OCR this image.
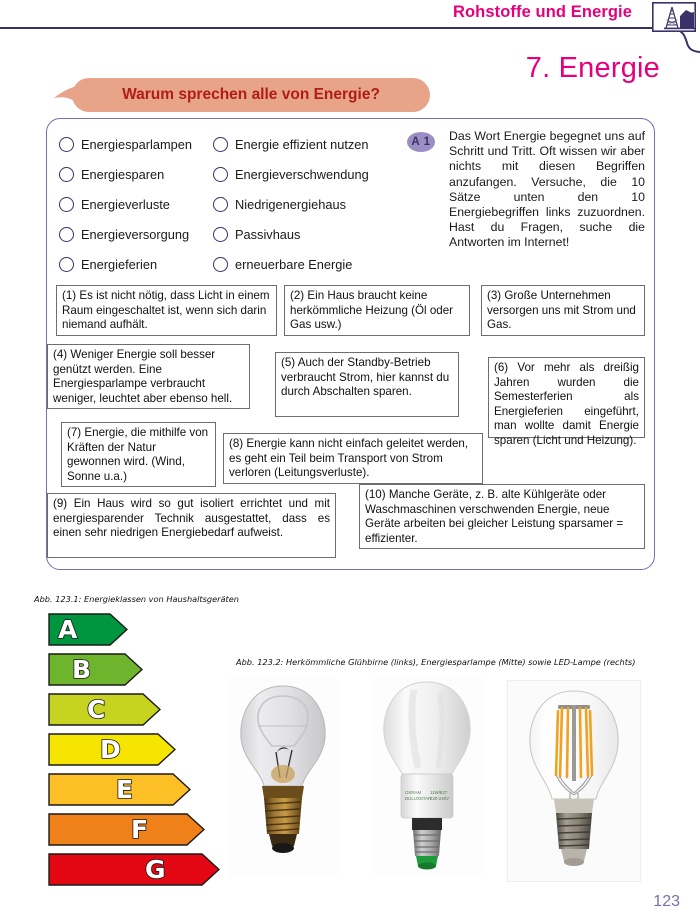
Rohstoffe und Energie
7. Energie
Warum sprechen alle von Energie?
Energiesparlampen	Energie effizient nutzen
Energiesparen	Energieverschwendung
Energieverluste	Niedrigenergiehaus
Energieversorgung	Passivhaus
Energieferien	erneuerbare Energie
A 1	Das Wort Energie begegnet uns auf Schritt und Tritt. Oft wissen wir aber nichts mit diesen Begriffen anzufangen. Versuche, die 10 Sätze unten den 10 Energiebegriffen links zuzuordnen. Hast du Fragen, suche die Antworten im Internet!
(1) Es ist nicht nötig, dass Licht in einem Raum eingeschaltet ist, wenn sich darin niemand aufhält.
(2) Ein Haus braucht keine herkömmliche Heizung (Öl oder Gas usw.)
(3) Große Unternehmen versorgen uns mit Strom und Gas.
(4) Weniger Energie soll besser genützt werden. Eine Energiesparlampe verbraucht weniger, leuchtet aber ebenso hell.
(5) Auch der Standby-Betrieb verbraucht Strom, hier kannst du durch Abschalten sparen.
(6) Vor mehr als dreißig Jahren wurden die Semesterferien als Energieferien eingeführt, man wollte damit Energie sparen (Licht und Heizung).
(7) Energie, die mithilfe von Kräften der Natur gewonnen wird. (Wind, Sonne u.a.)
(8) Energie kann nicht einfach geleitet werden, es geht ein Teil beim Transport von Strom verloren (Leitungsverluste).
(9) Ein Haus wird so gut isoliert errichtet und mit energiesparender Technik ausgestattet, dass es einen sehr niedrigen Energiebedarf aufweist.
(10) Manche Geräte, z. B. alte Kühlgeräte oder Waschmaschinen verschwenden Energie, neue Geräte arbeiten bei gleicher Leistung sparsamer = effizienter.
Abb. 123.1: Energieklassen von Haushaltsgeräten
A
B
C
D
E
F
G
Abb. 123.2: Herkömmliche Glühbirne (links), Energiesparlampe (Mitte) sowie LED-Lampe (rechts)
OSRAM
DULUXSTAR
11W/827
220-240V
123
